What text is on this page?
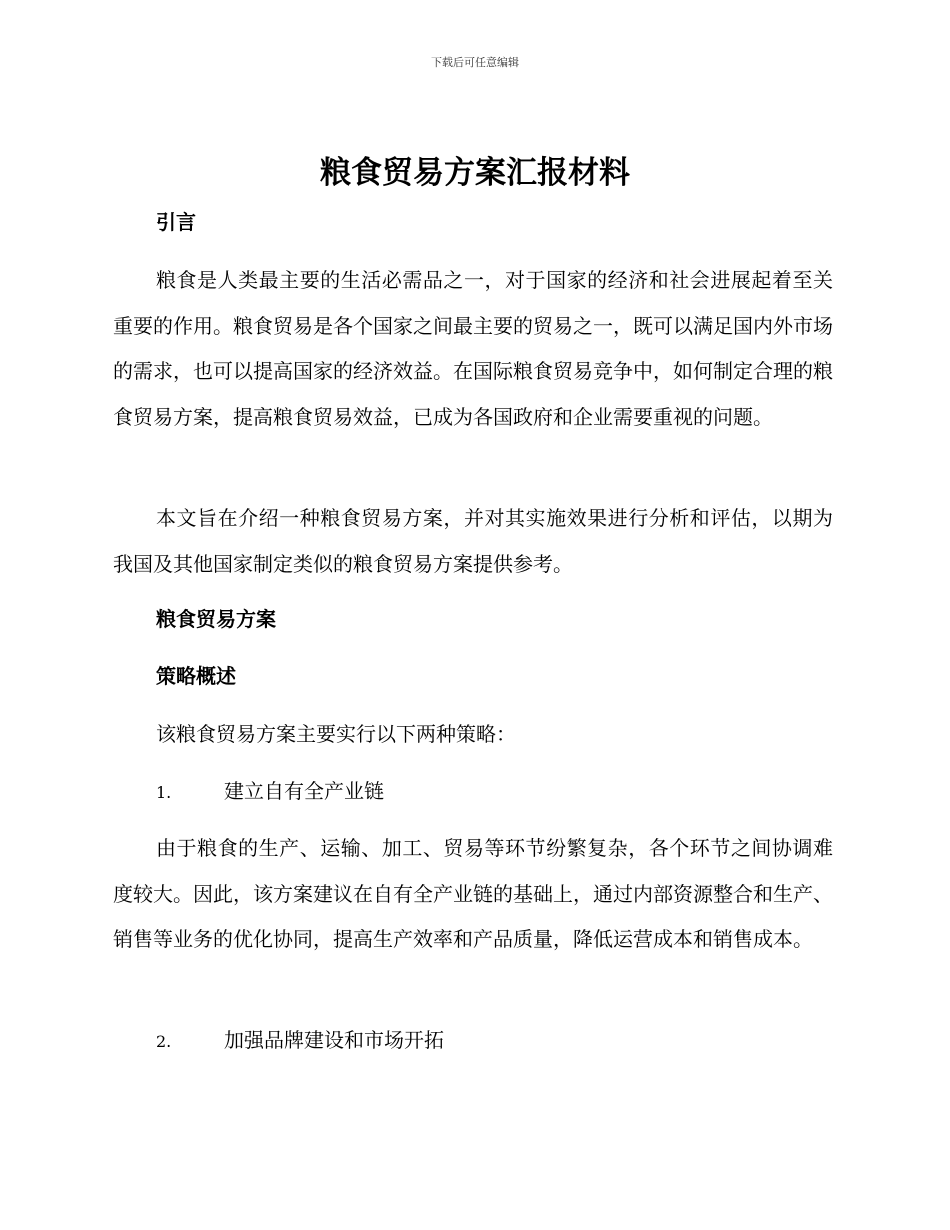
下载后可任意编辑
粮食贸易方案汇报材料
引言

粮食是人类最主要的生活必需品之一，对于国家的经济和社会进展起着至关重要的作用。粮食贸易是各个国家之间最主要的贸易之一，既可以满足国内外市场的需求，也可以提高国家的经济效益。在国际粮食贸易竞争中，如何制定合理的粮食贸易方案，提高粮食贸易效益，已成为各国政府和企业需要重视的问题。

本文旨在介绍一种粮食贸易方案，并对其实施效果进行分析和评估，以期为我国及其他国家制定类似的粮食贸易方案提供参考。

粮食贸易方案
策略概述

该粮食贸易方案主要实行以下两种策略：

1.	建立自有全产业链

由于粮食的生产、运输、加工、贸易等环节纷繁复杂，各个环节之间协调难度较大。因此，该方案建议在自有全产业链的基础上，通过内部资源整合和生产、销售等业务的优化协同，提高生产效率和产品质量，降低运营成本和销售成本。

2.	加强品牌建设和市场开拓
